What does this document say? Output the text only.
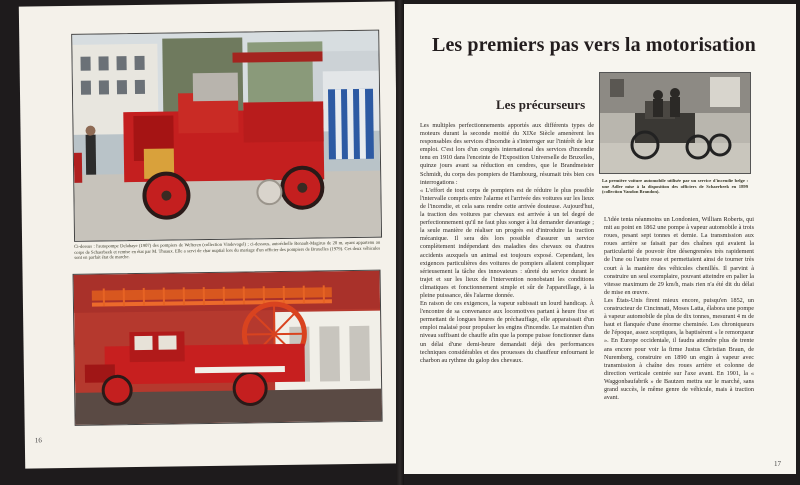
Ci-dessus : l'autopompe Delahaye (1907) des pompiers de Welteren (collection Vindevogel) ; ci-dessous, autoéchelle Renault-Magirus de 20 m, ayant appartenu au corps de Schaerbeek et remise en état par M. Thuaux. Elle a servi de char nuptial lors du mariage d'un officier des pompiers de Bruxelles (1979). Ces deux véhicules sont en parfait état de marche.
16
Les premiers pas vers la motorisation
Les précurseurs
La première voiture automobile utilisée par un service d'incendie belge : une Adler mise à la disposition des officiers de Schaerbeek en 1899 (collection Vandon Brandon).

Les multiples perfectionnements apportés aux différents types de moteurs durant la seconde moitié du XIXe Siècle amenèrent les responsables des services d'incendie à s'interroger sur l'intérêt de leur emploi. C'est lors d'un congrès international des services d'incendie tenu en 1910 dans l'enceinte de l'Exposition Universelle de Bruxelles, quinze jours avant sa réduction en cendres, que le Brandmeister Schmidt, du corps des pompiers de Hambourg, résumait très bien ces interrogations :

« L'effort de tout corps de pompiers est de réduire le plus possible l'intervalle compris entre l'alarme et l'arrivée des voitures sur les lieux de l'incendie, et cela sans rendre cette arrivée douteuse. Aujourd'hui, la traction des voitures par chevaux est arrivée à un tel degré de perfectionnement qu'il ne faut plus songer à lui demander davantage ; la seule manière de réaliser un progrès est d'introduire la traction mécanique. Il sera dès lors possible d'assurer un service complètement indépendant des maladies des chevaux ou d'autres accidents auxquels un animal est toujours exposé. Cependant, les exigences particulières des voitures de pompiers allaient compliquer sérieusement la tâche des innovateurs : sûreté du service durant le trajet et sur les lieux de l'intervention nonobstant les conditions climatiques et fonctionnement simple et sûr de l'appareillage, à la pleine puissance, dès l'alarme donnée.

En raison de ces exigences, la vapeur subissait un lourd handicap. À l'encontre de sa convenance aux locomotives partant à heure fixe et permettant de longues heures de préchauffage, elle apparaissait d'un emploi malaisé pour propulser les engins d'incendie. Le maintien d'un niveau suffisant de chauffe afin que la pompe puisse fonctionner dans un délai d'une demi-heure demandait déjà des performances techniques considérables et des prouesses du chauffeur enfournant le charbon au rythme du galop des chevaux.

L'idée tenta néanmoins un Londonien, William Roberts, qui mit au point en 1862 une pompe à vapeur automobile à trois roues, pesant sept tonnes et demie. La transmission aux roues arrière se faisait par des chaînes qui avaient la particularité de pouvoir être désengrenées très rapidement de l'une ou l'autre roue et permettaient ainsi de tourner très court à la manière des véhicules chenillés. Il parvint à construire un seul exemplaire, pouvant atteindre en palier la vitesse maximum de 29 km/h, mais rien n'a été dit du délai de mise en œuvre.

Les États-Unis firent mieux encore, puisqu'en 1852, un constructeur de Cincinnati, Moses Latta, élabora une pompe à vapeur automobile de plus de dix tonnes, mesurant 4 m de haut et flanquée d'une énorme cheminée. Les chroniqueurs de l'époque, assez sceptiques, la baptisèrent « le remorqueur ». En Europe occidentale, il faudra attendre plus de trente ans encore pour voir la firme Justus Christian Braun, de Nuremberg, construire en 1890 un engin à vapeur avec transmission à chaîne des roues arrière et colonne de direction verticale centrée sur l'axe avant. En 1901, la « Waggonbaufabrik » de Bautzen mettra sur le marché, sans grand succès, le même genre de véhicule, mais à traction avant.

17
